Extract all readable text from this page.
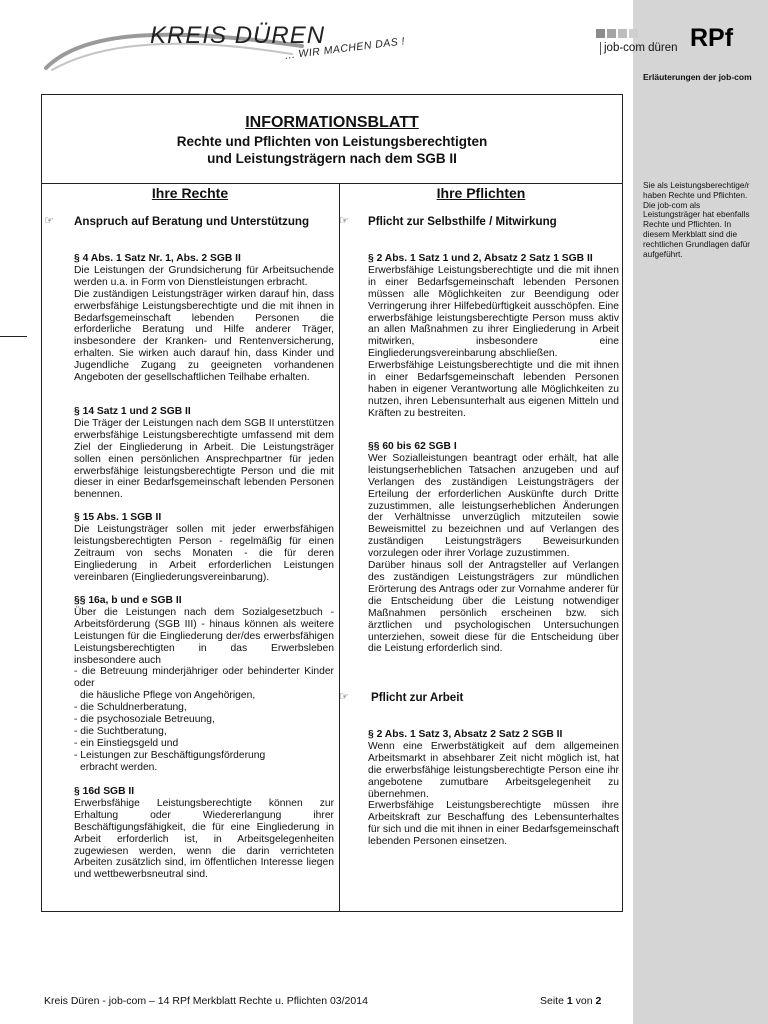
job-com düren RPf
Erläuterungen der job-com
Sie als Leistungsberechtige/r haben Rechte und Pflichten. Die job-com als Leistungsträger hat ebenfalls Rechte und Pflichten. In diesem Merkblatt sind die rechtlichen Grundlagen dafür aufgeführt.
KREIS DÜREN
... WIR MACHEN DAS !
INFORMATIONSBLATT
Rechte und Pflichten von Leistungsberechtigten
und Leistungsträgern nach dem SGB II
Ihre Rechte	Ihre Pflichten
☞ Anspruch auf Beratung und Unterstützung
§ 4 Abs. 1 Satz Nr. 1, Abs. 2 SGB II

Die Leistungen der Grundsicherung für Arbeitsuchende werden u.a. in Form von Dienstleistungen erbracht.

Die zuständigen Leistungsträger wirken darauf hin, dass erwerbsfähige Leistungsberechtigte und die mit ihnen in Bedarfsgemeinschaft lebenden Personen die erforderliche Beratung und Hilfe anderer Träger, insbesondere der Kranken- und Rentenversicherung, erhalten. Sie wirken auch darauf hin, dass Kinder und Jugendliche Zugang zu geeigneten vorhandenen Angeboten der gesellschaftlichen Teilhabe erhalten.

§ 14 Satz 1 und 2 SGB II

Die Träger der Leistungen nach dem SGB II unterstützen erwerbsfähige Leistungsberechtigte umfassend mit dem Ziel der Eingliederung in Arbeit. Die Leistungsträger sollen einen persönlichen Ansprechpartner für jeden erwerbsfähige leistungsberechtigte Person und die mit dieser in einer Bedarfsgemeinschaft lebenden Personen benennen.

§ 15 Abs. 1 SGB II

Die Leistungsträger sollen mit jeder erwerbsfähigen leistungsberechtigten Person - regelmäßig für einen Zeitraum von sechs Monaten - die für deren Eingliederung in Arbeit erforderlichen Leistungen vereinbaren (Eingliederungsvereinbarung).

§§ 16a, b und e SGB II

Über die Leistungen nach dem Sozialgesetzbuch - Arbeitsförderung (SGB III) - hinaus können als weitere Leistungen für die Eingliederung der/des erwerbsfähigen Leistungsberechtigten in das Erwerbsleben insbesondere auch

- die Betreuung minderjähriger oder behinderter Kinder oder
die häusliche Pflege von Angehörigen,
- die Schuldnerberatung,
- die psychosoziale Betreuung,
- die Suchtberatung,
- ein Einstiegsgeld und
- Leistungen zur Beschäftigungsförderung

erbracht werden.

§ 16d SGB II

Erwerbsfähige Leistungsberechtigte können zur Erhaltung oder Wiedererlangung ihrer Beschäftigungsfähigkeit, die für eine Eingliederung in Arbeit erforderlich ist, in Arbeitsgelegenheiten zugewiesen werden, wenn die darin verrichteten Arbeiten zusätzlich sind, im öffentlichen Interesse liegen und wettbewerbsneutral sind.

☞ Pflicht zur Selbsthilfe / Mitwirkung
§ 2 Abs. 1 Satz 1 und 2, Absatz 2 Satz 1 SGB II

Erwerbsfähige Leistungsberechtigte und die mit ihnen in einer Bedarfsgemeinschaft lebenden Personen müssen alle Möglichkeiten zur Beendigung oder Verringerung ihrer Hilfebedürftigkeit ausschöpfen. Eine erwerbsfähige leistungsberechtigte Person muss aktiv an allen Maßnahmen zu ihrer Eingliederung in Arbeit mitwirken, insbesondere eine Eingliederungsvereinbarung abschließen.

Erwerbsfähige Leistungsberechtigte und die mit ihnen in einer Bedarfsgemeinschaft lebenden Personen haben in eigener Verantwortung alle Möglichkeiten zu nutzen, ihren Lebensunterhalt aus eigenen Mitteln und Kräften zu bestreiten.

§§ 60 bis 62 SGB I

Wer Sozialleistungen beantragt oder erhält, hat alle leistungserheblichen Tatsachen anzugeben und auf Verlangen des zuständigen Leistungsträgers der Erteilung der erforderlichen Auskünfte durch Dritte zuzustimmen, alle leistungserheblichen Änderungen der Verhältnisse unverzüglich mitzuteilen sowie Beweismittel zu bezeichnen und auf Verlangen des zuständigen Leistungsträgers Beweisurkunden vorzulegen oder ihrer Vorlage zuzustimmen.

Darüber hinaus soll der Antragsteller auf Verlangen des zuständigen Leistungsträgers zur mündlichen Erörterung des Antrags oder zur Vornahme anderer für die Entscheidung über die Leistung notwendiger Maßnahmen persönlich erscheinen bzw. sich ärztlichen und psychologischen Untersuchungen unterziehen, soweit diese für die Entscheidung über die Leistung erforderlich sind.

☞ Pflicht zur Arbeit
§ 2 Abs. 1 Satz 3, Absatz 2 Satz 2 SGB II

Wenn eine Erwerbstätigkeit auf dem allgemeinen Arbeitsmarkt in absehbarer Zeit nicht möglich ist, hat die erwerbsfähige leistungsberechtigte Person eine ihr angebotene zumutbare Arbeitsgelegenheit zu übernehmen.

Erwerbsfähige Leistungsberechtigte müssen ihre Arbeitskraft zur Beschaffung des Lebensunterhaltes für sich und die mit ihnen in einer Bedarfsgemeinschaft lebenden Personen einsetzen.

Kreis Düren - job-com – 14 RPf Merkblatt Rechte u. Pflichten 03/2014	Seite 1 von 2
